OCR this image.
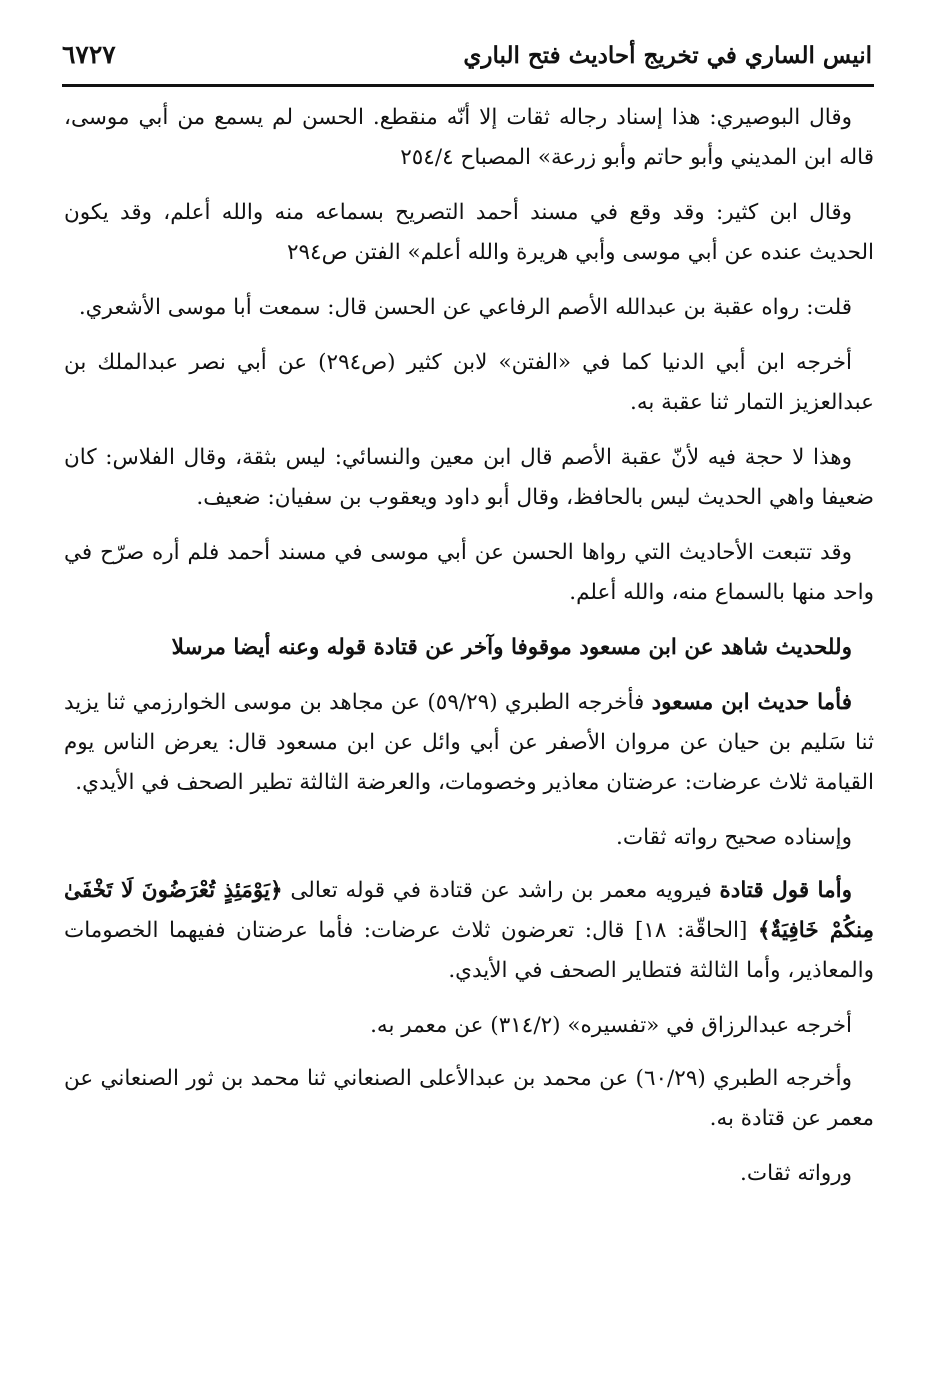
انيس الساري في تخريج أحاديث فتح الباري
٦٧٢٧

وقال البوصيري: هذا إسناد رجاله ثقات إلا أنّه منقطع. الحسن لم يسمع من أبي موسى، قاله ابن المديني وأبو حاتم وأبو زرعة» المصباح ٢٥٤/٤

وقال ابن كثير: وقد وقع في مسند أحمد التصريح بسماعه منه والله أعلم، وقد يكون الحديث عنده عن أبي موسى وأبي هريرة والله أعلم» الفتن ص٢٩٤

قلت: رواه عقبة بن عبدالله الأصم الرفاعي عن الحسن قال: سمعت أبا موسى الأشعري.

أخرجه ابن أبي الدنيا كما في «الفتن» لابن كثير (ص٢٩٤) عن أبي نصر عبدالملك بن عبدالعزيز التمار ثنا عقبة به.

وهذا لا حجة فيه لأنّ عقبة الأصم قال ابن معين والنسائي: ليس بثقة، وقال الفلاس: كان ضعيفا واهي الحديث ليس بالحافظ، وقال أبو داود ويعقوب بن سفيان: ضعيف.

وقد تتبعت الأحاديث التي رواها الحسن عن أبي موسى في مسند أحمد فلم أره صرّح في واحد منها بالسماع منه، والله أعلم.

وللحديث شاهد عن ابن مسعود موقوفا وآخر عن قتادة قوله وعنه أيضا مرسلا

فأما حديث ابن مسعود فأخرجه الطبري (٥٩/٢٩) عن مجاهد بن موسى الخوارزمي ثنا يزيد ثنا سَليم بن حيان عن مروان الأصفر عن أبي وائل عن ابن مسعود قال: يعرض الناس يوم القيامة ثلاث عرضات: عرضتان معاذير وخصومات، والعرضة الثالثة تطير الصحف في الأيدي.

وإسناده صحيح رواته ثقات.

وأما قول قتادة فيرويه معمر بن راشد عن قتادة في قوله تعالى ﴿يَوْمَئِذٍ تُعْرَضُونَ لَا تَخْفَىٰ مِنكُمْ خَافِيَةٌ﴾ [الحاقّة: ١٨] قال: تعرضون ثلاث عرضات: فأما عرضتان ففيهما الخصومات والمعاذير، وأما الثالثة فتطاير الصحف في الأيدي.

أخرجه عبدالرزاق في «تفسيره» (٣١٤/٢) عن معمر به.

وأخرجه الطبري (٦٠/٢٩) عن محمد بن عبدالأعلى الصنعاني ثنا محمد بن ثور الصنعاني عن معمر عن قتادة به.

ورواته ثقات.
